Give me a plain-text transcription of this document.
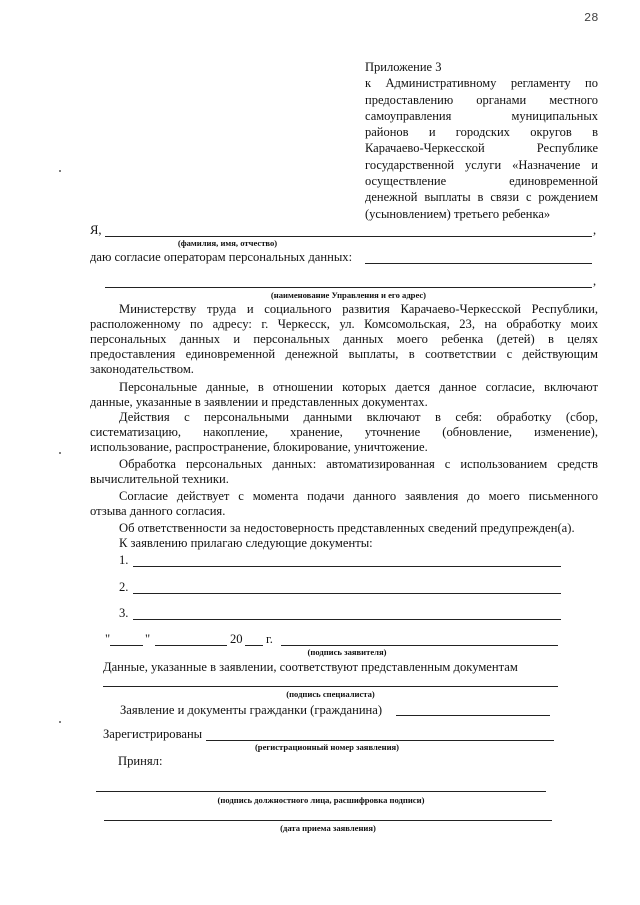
28
Приложение 3
к Административному регламенту по
предоставлению органами местного
самоуправления муниципальных
районов и городских округов в
Карачаево-Черкесской Республике
государственной услуги «Назначение и
осуществление единовременной
денежной выплаты в связи с рождением
(усыновлением) третьего ребенка»
Я,	,
(фамилия, имя, отчество)
даю согласие операторам персональных данных:
,
(наименование Управления и его адрес)
Министерству труда и социального развития Карачаево-Черкесской Республики,
расположенному по адресу: г. Черкесск, ул. Комсомольская, 23, на обработку моих
персональных данных и персональных данных моего ребенка (детей) в целях
предоставления единовременной денежной выплаты, в соответствии с действующим
законодательством.
Персональные данные, в отношении которых дается данное согласие, включают
данные, указанные в заявлении и представленных документах.
Действия с персональными данными включают в себя: обработку (сбор,
систематизацию, накопление, хранение, уточнение (обновление, изменение),
использование, распространение, блокирование, уничтожение.
Обработка персональных данных: автоматизированная с использованием средств
вычислительной техники.
Согласие действует с момента подачи данного заявления до моего письменного
отзыва данного согласия.
Об ответственности за недостоверность представленных сведений предупрежден(а).
К заявлению прилагаю следующие документы:
1.
2.
3.
"	"	20 г.
(подпись заявителя)
Данные, указанные в заявлении, соответствуют представленным документам
(подпись специалиста)
Заявление и документы гражданки (гражданина)
Зарегистрированы
(регистрационный номер заявления)
Принял:
(подпись должностного лица, расшифровка подписи)
(дата приема заявления)
